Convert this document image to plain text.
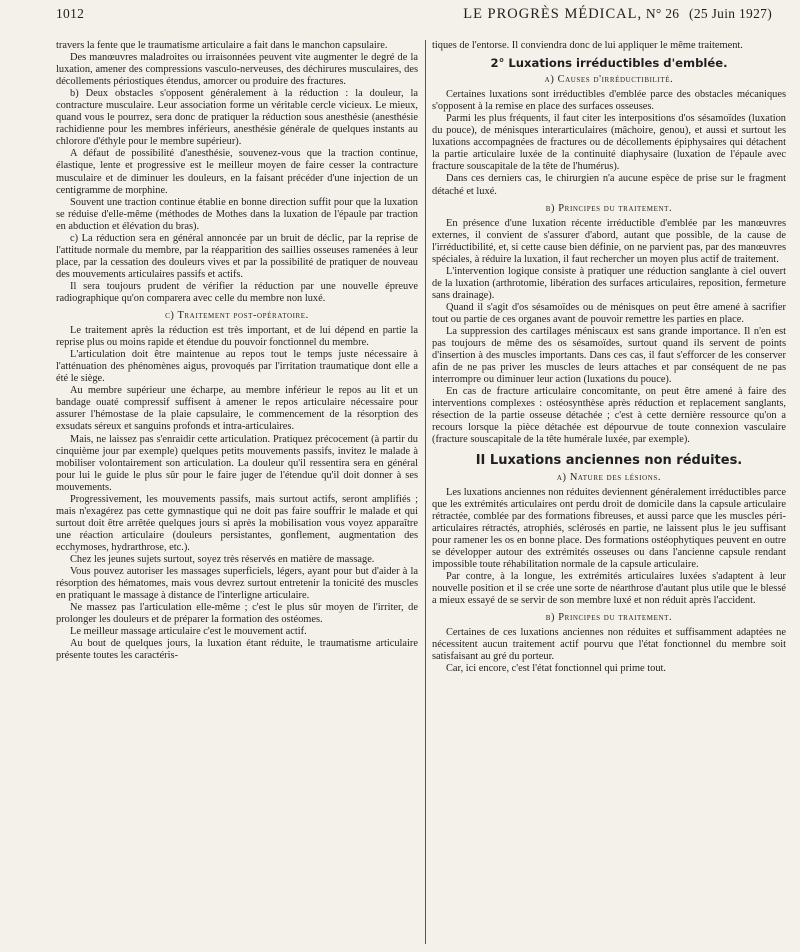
1012	LE PROGRÈS MÉDICAL, N° 26 (25 Juin 1927)

travers la fente que le traumatisme articulaire a fait dans le manchon capsulaire.

Des manœuvres maladroites ou irraisonnées peuvent vite augmenter le degré de la luxation, amener des compressions vasculo-nerveuses, des déchirures musculaires, des décollements périostiques étendus, amorcer ou produire des fractures.

b) Deux obstacles s'opposent généralement à la réduction : la douleur, la contracture musculaire. Leur association forme un véritable cercle vicieux. Le mieux, quand vous le pourrez, sera donc de pratiquer la réduction sous anesthésie (anesthésie rachidienne pour les membres inférieurs, anesthésie générale de quelques instants au chlorore d'éthyle pour le membre supérieur).

A défaut de possibilité d'anesthésie, souvenez-vous que la traction continue, élastique, lente et progressive est le meilleur moyen de faire cesser la contracture musculaire et de diminuer les douleurs, en la faisant précéder d'une injection de un centigramme de morphine.

Souvent une traction continue établie en bonne direction suffit pour que la luxation se réduise d'elle-même (méthodes de Mothes dans la luxation de l'épaule par traction en abduction et élévation du bras).

c) La réduction sera en général annoncée par un bruit de déclic, par la reprise de l'attitude normale du membre, par la réapparition des saillies osseuses ramenées à leur place, par la cessation des douleurs vives et par la possibilité de pratiquer de nouveau des mouvements articulaires passifs et actifs.

Il sera toujours prudent de vérifier la réduction par une nouvelle épreuve radiographique qu'on comparera avec celle du membre non luxé.

c) Traitement post-opératoire.

Le traitement après la réduction est très important, et de lui dépend en partie la reprise plus ou moins rapide et étendue du pouvoir fonctionnel du membre.

L'articulation doit être maintenue au repos tout le temps juste nécessaire à l'atténuation des phénomènes aigus, provoqués par l'irritation traumatique dont elle a été le siège.

Au membre supérieur une écharpe, au membre inférieur le repos au lit et un bandage ouaté compressif suffisent à amener le repos articulaire nécessaire pour assurer l'hémostase de la plaie capsulaire, le commencement de la résorption des exsudats séreux et sanguins profonds et intra-articulaires.

Mais, ne laissez pas s'enraidir cette articulation. Pratiquez précocement (à partir du cinquième jour par exemple) quelques petits mouvements passifs, invitez le malade à mobiliser volontairement son articulation. La douleur qu'il ressentira sera en général pour lui le guide le plus sûr pour le faire juger de l'étendue qu'il doit donner à ses mouvements.

Progressivement, les mouvements passifs, mais surtout actifs, seront amplifiés ; mais n'exagérez pas cette gymnastique qui ne doit pas faire souffrir le malade et qui surtout doit être arrêtée quelques jours si après la mobilisation vous voyez apparaître une réaction articulaire (douleurs persistantes, gonflement, augmentation des ecchymoses, hydrarthrose, etc.).

Chez les jeunes sujets surtout, soyez très réservés en matière de massage.

Vous pouvez autoriser les massages superficiels, légers, ayant pour but d'aider à la résorption des hématomes, mais vous devrez surtout entretenir la tonicité des muscles en pratiquant le massage à distance de l'interligne articulaire.

Ne massez pas l'articulation elle-même ; c'est le plus sûr moyen de l'irriter, de prolonger les douleurs et de préparer la formation des ostéomes.

Le meilleur massage articulaire c'est le mouvement actif.

Au bout de quelques jours, la luxation étant réduite, le traumatisme articulaire présente toutes les caractéris-

tiques de l'entorse. Il conviendra donc de lui appliquer le même traitement.

2° Luxations irréductibles d'emblée.
a) Causes d'irréductibilité.

Certaines luxations sont irréductibles d'emblée parce des obstacles mécaniques s'opposent à la remise en place des surfaces osseuses.

Parmi les plus fréquents, il faut citer les interpositions d'os sésamoïdes (luxation du pouce), de ménisques interarticulaires (mâchoire, genou), et aussi et surtout les luxations accompagnées de fractures ou de décollements épiphysaires qui détachent la partie articulaire luxée de la continuité diaphysaire (luxation de l'épaule avec fracture souscapitale de la tête de l'humérus).

Dans ces derniers cas, le chirurgien n'a aucune espèce de prise sur le fragment détaché et luxé.

b) Principes du traitement.

En présence d'une luxation récente irréductible d'emblée par les manœuvres externes, il convient de s'assurer d'abord, autant que possible, de la cause de l'irréductibilité, et, si cette cause bien définie, on ne parvient pas, par des manœuvres spéciales, à réduire la luxation, il faut rechercher un moyen plus actif de traitement.

L'intervention logique consiste à pratiquer une réduction sanglante à ciel ouvert de la luxation (arthrotomie, libération des surfaces articulaires, reposition, fermeture sans drainage).

Quand il s'agit d'os sésamoïdes ou de ménisques on peut être amené à sacrifier tout ou partie de ces organes avant de pouvoir remettre les parties en place.

La suppression des cartilages méniscaux est sans grande importance. Il n'en est pas toujours de même des os sésamoïdes, surtout quand ils servent de points d'insertion à des muscles importants. Dans ces cas, il faut s'efforcer de les conserver afin de ne pas priver les muscles de leurs attaches et par conséquent de ne pas interrompre ou diminuer leur action (luxations du pouce).

En cas de fracture articulaire concomitante, on peut être amené à faire des interventions complexes : ostéosynthèse après réduction et replacement sanglants, résection de la partie osseuse détachée ; c'est à cette dernière ressource qu'on a recours lorsque la pièce détachée est dépourvue de toute connexion vasculaire (fracture souscapitale de la tête humérale luxée, par exemple).

II Luxations anciennes non réduites.
a) Nature des lésions.

Les luxations anciennes non réduites deviennent généralement irréductibles parce que les extrémités articulaires ont perdu droit de domicile dans la capsule articulaire rétractée, comblée par des formations fibreuses, et aussi parce que les muscles péri-articulaires rétractés, atrophiés, sclérosés en partie, ne laissent plus le jeu suffisant pour ramener les os en bonne place. Des formations ostéophytiques peuvent en outre se développer autour des extrémités osseuses ou dans l'ancienne capsule rendant impossible toute réhabilitation normale de la capsule articulaire.

Par contre, à la longue, les extrémités articulaires luxées s'adaptent à leur nouvelle position et il se crée une sorte de néarthrose d'autant plus utile que le blessé a mieux essayé de se servir de son membre luxé et non réduit après l'accident.

b) Principes du traitement.

Certaines de ces luxations anciennes non réduites et suffisamment adaptées ne nécessitent aucun traitement actif pourvu que l'état fonctionnel du membre soit satisfaisant au gré du porteur.

Car, ici encore, c'est l'état fonctionnel qui prime tout.
